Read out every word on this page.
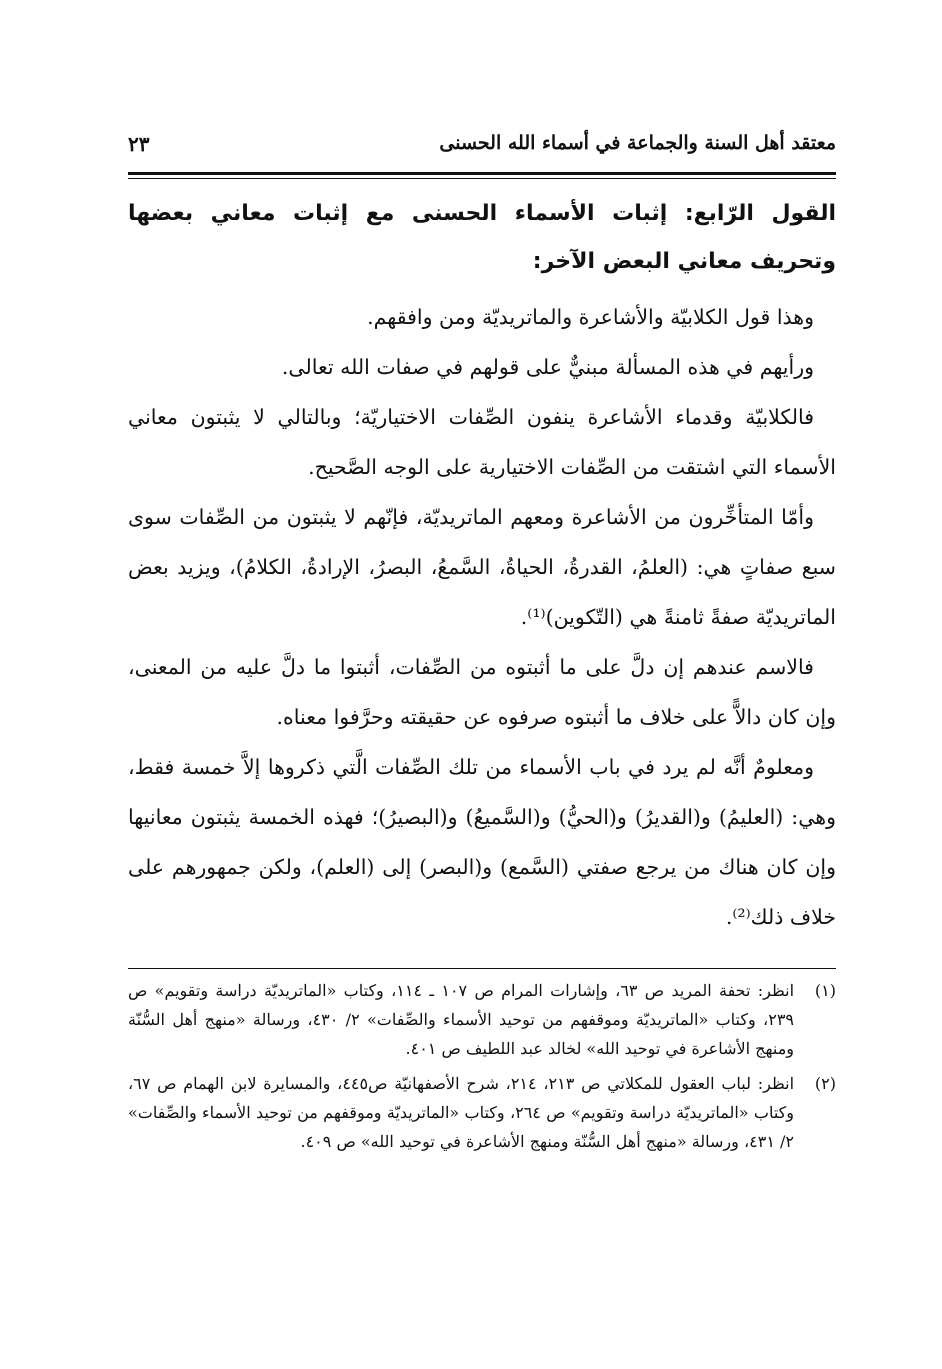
معتقد أهل السنة والجماعة في أسماء الله الحسنى
٢٣

القول الرّابع: إثبات الأسماء الحسنى مع إثبات معاني بعضها وتحريف معاني البعض الآخر:

وهذا قول الكلابيّة والأشاعرة والماتريديّة ومن وافقهم.

ورأيهم في هذه المسألة مبنيٌّ على قولهم في صفات الله تعالى.

فالكلابيّة وقدماء الأشاعرة ينفون الصِّفات الاختياريّة؛ وبالتالي لا يثبتون معاني الأسماء التي اشتقت من الصِّفات الاختيارية على الوجه الصَّحيح.

وأمّا المتأخِّرون من الأشاعرة ومعهم الماتريديّة، فإنّهم لا يثبتون من الصِّفات سوى سبع صفاتٍ هي: (العلمُ، القدرةُ، الحياةُ، السَّمعُ، البصرُ، الإرادةُ، الكلامُ)، ويزيد بعض الماتريديّة صفةً ثامنةً هي (التّكوين)⁽¹⁾.

فالاسم عندهم إن دلَّ على ما أثبتوه من الصِّفات، أثبتوا ما دلَّ عليه من المعنى، وإن كان دالاًّ على خلاف ما أثبتوه صرفوه عن حقيقته وحرَّفوا معناه.

ومعلومٌ أنَّه لم يرد في باب الأسماء من تلك الصِّفات الَّتي ذكروها إلاَّ خمسة فقط، وهي: (العليمُ) و(القديرُ) و(الحيُّ) و(السَّميعُ) و(البصيرُ)؛ فهذه الخمسة يثبتون معانيها وإن كان هناك من يرجع صفتي (السَّمع) و(البصر) إلى (العلم)، ولكن جمهورهم على خلاف ذلك⁽²⁾.

(١)
انظر: تحفة المريد ص ٦٣، وإشارات المرام ص ١٠٧ ـ ١١٤، وكتاب «الماتريديّة دراسة وتقويم» ص ٢٣٩، وكتاب «الماتريديّة وموقفهم من توحيد الأسماء والصِّفات» ٢/ ٤٣٠، ورسالة «منهج أهل السُّنّة ومنهج الأشاعرة في توحيد الله» لخالد عبد اللطيف ص ٤٠١.
(٢)
انظر: لباب العقول للمكلاتي ص ٢١٣، ٢١٤، شرح الأصفهانيّة ص٤٤٥، والمسايرة لابن الهمام ص ٦٧، وكتاب «الماتريديّة دراسة وتقويم» ص ٢٦٤، وكتاب «الماتريديّة وموقفهم من توحيد الأسماء والصِّفات» ٢/ ٤٣١، ورسالة «منهج أهل السُّنّة ومنهج الأشاعرة في توحيد الله» ص ٤٠٩.
